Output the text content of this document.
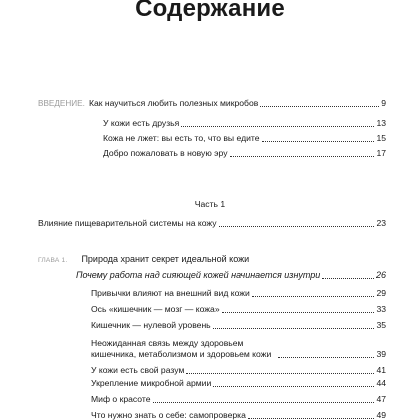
Содержание
ВВЕДЕНИЕ. Как научиться любить полезных микробов	9
У кожи есть друзья	13
Кожа не лжет: вы есть то, что вы едите	15
Добро пожаловать в новую эру	17
Часть 1
Влияние пищеварительной системы на кожу	23
ГЛАВА 1. Природа хранит секрет идеальной кожи
Почему работа над сияющей кожей начинается изнутри	26
Привычки влияют на внешний вид кожи	29
Ось «кишечник — мозг — кожа»	33
Кишечник — нулевой уровень	35
Неожиданная связь между здоровьем кишечника, метаболизмом и здоровьем кожи	39
У кожи есть свой разум	41
Укрепление микробной армии	44
Миф о красоте	47
Что нужно знать о себе: самопроверка	49
